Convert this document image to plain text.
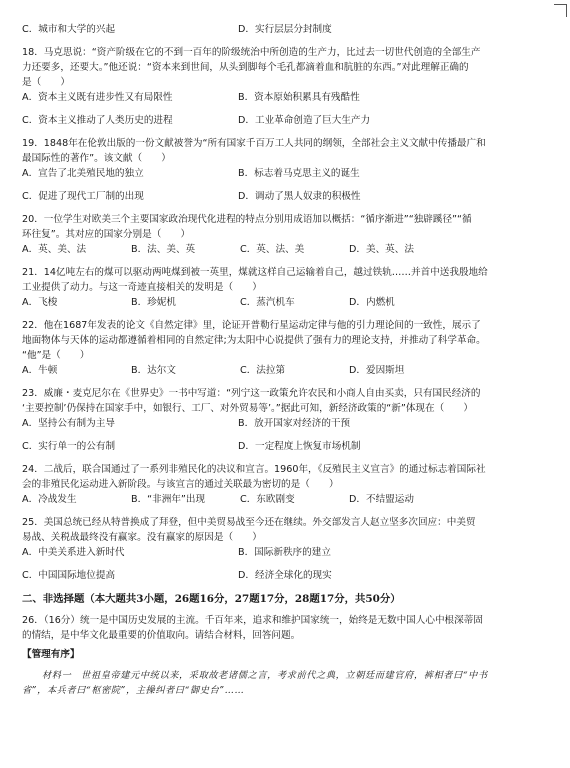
C．城市和大学的兴起	D．实行层层分封制度
18．马克思说：“资产阶级在它的不到一百年的阶级统治中所创造的生产力，比过去一切世代创造的全部生产
力还要多，还要大。”他还说：“资本来到世间，从头到脚每个毛孔都滴着血和肮脏的东西。”对此理解正确的
是（　　）
A．资本主义既有进步性又有局限性	B．资本原始积累具有残酷性
C．资本主义推动了人类历史的进程	D．工业革命创造了巨大生产力
19．1848年在伦敦出版的一份文献被誉为“所有国家千百万工人共同的纲领，全部社会主义文献中传播最广和
最国际性的著作”。该文献（　　）
A．宣告了北美殖民地的独立	B．标志着马克思主义的诞生
C．促进了现代工厂制的出现	D．调动了黑人奴隶的积极性
20．一位学生对欧美三个主要国家政治现代化进程的特点分别用成语加以概括：“循序渐进”“独辟蹊径”“循
环往复”。其对应的国家分别是（　　）
A．英、美、法	B．法、美、英	C．英、法、美	D．美、英、法
21．14亿吨左右的煤可以驱动两吨煤到被一英里，煤就这样自己运输着自己，越过铁轨……并首中送我殷地给
工业提供了动力。与这一奇迹直接相关的发明是（　　）
A．飞梭	B．珍妮机	C．蒸汽机车	D．内燃机
22．他在1687年发表的论文《自然定律》里，论证开普勒行星运动定律与他的引力理论间的一致性，展示了
地面物体与天体的运动都遵循着相同的自然定律;为太阳中心说提供了强有力的理论支持，并推动了科学革命。
“他”是（　　）
A．牛顿	B．达尔文	C．法拉第	D．爱因斯坦
23．威廉・麦克尼尔在《世界史》一书中写道：“列宁这一政策允许农民和小商人自由买卖，只有国民经济的
‘主要控制’仍保持在国家手中，如银行、工厂、对外贸易等’。”据此可知，新经济政策的“新”体现在（　　）
A．坚持公有制为主导	B．放开国家对经济的干预
C．实行单一的公有制	D．一定程度上恢复市场机制
24．二战后，联合国通过了一系列非殖民化的决议和宣言。1960年，《反殖民主义宣言》的通过标志着国际社
会的非殖民化运动进入新阶段。与该宣言的通过关联最为密切的是（　　）
A．冷战发生	B．“非洲年”出现	C．东欧剧变	D．不结盟运动
25．美国总统已经从特普换成了拜登，但中美贸易战至今还在继续。外交部发言人赵立坚多次回应：中美贸
易战、关税战最终没有赢家。没有赢家的原因是（　　）
A．中美关系进入新时代	B．国际新秩序的建立
C．中国国际地位提高	D．经济全球化的现实
二、非选择题（本大题共3小题，26题16分，27题17分，28题17分，共50分）
26．（16分）统一是中国历史发展的主流。千百年来，追求和维护国家统一，始终是无数中国人心中根深蒂固
的情结，是中华文化最重要的价值取向。请结合材料，回答问题。
【管理有序】
材料一　世祖皇帝建元中统以来，采取故老诸儒之言，考求前代之典，立朝廷而建官府，裤相者曰“中书
省”，本兵者曰“枢密院”，主操纠者曰“御史台”……
